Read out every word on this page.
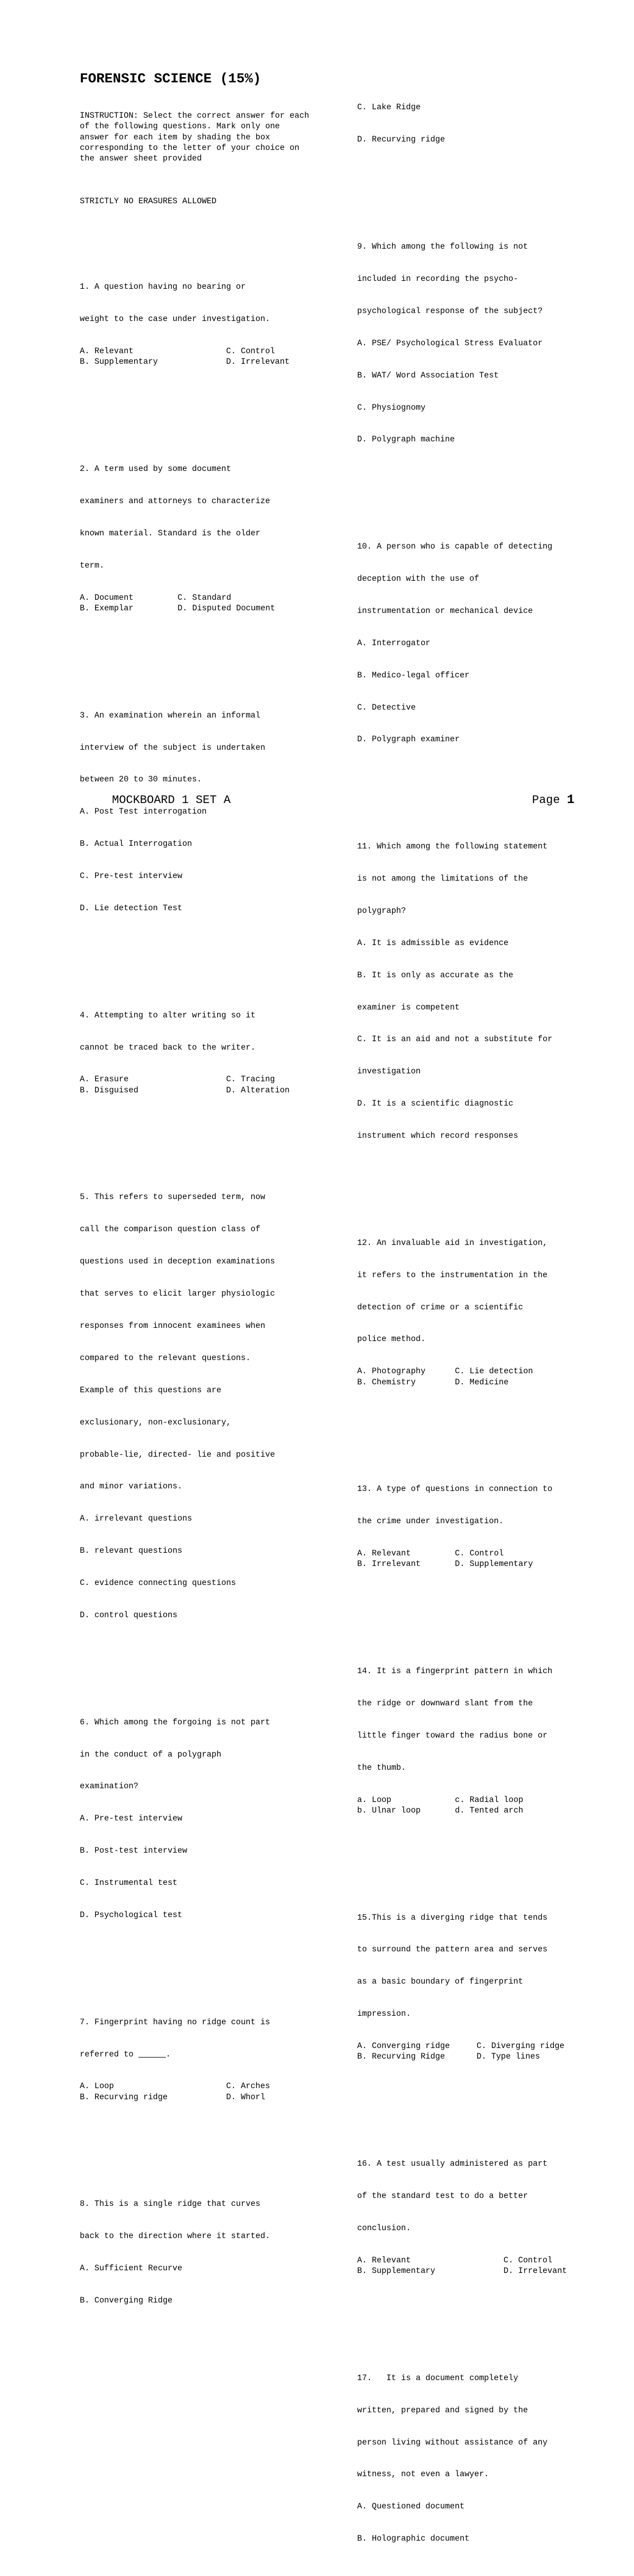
FORENSIC SCIENCE (15%)

INSTRUCTION: Select the correct answer for each of the following questions. Mark only one answer for each item by shading the box corresponding to the letter of your choice on the answer sheet provided

STRICTLY NO ERASURES ALLOWED

1. A question having no bearing or

weight to the case under investigation.

A. Relevant	C. Control
B. Supplementary	D. Irrelevant

2. A term used by some document

examiners and attorneys to characterize

known material. Standard is the older

term.

A. Document	C. Standard
B. Exemplar	D. Disputed Document

3. An examination wherein an informal

interview of the subject is undertaken

between 20 to 30 minutes.

A. Post Test interrogation

B. Actual Interrogation

C. Pre-test interview

D. Lie detection Test

4. Attempting to alter writing so it

cannot be traced back to the writer.

A. Erasure	C. Tracing
B. Disguised	D. Alteration

5. This refers to superseded term, now

call the comparison question class of

questions used in deception examinations

that serves to elicit larger physiologic

responses from innocent examinees when

compared to the relevant questions.

Example of this questions are

exclusionary, non-exclusionary,

probable-lie, directed- lie and positive

and minor variations.

A. irrelevant questions

B. relevant questions

C. evidence connecting questions

D. control questions

6. Which among the forgoing is not part

in the conduct of a polygraph

examination?

A. Pre-test interview

B. Post-test interview

C. Instrumental test

D. Psychological test

7. Fingerprint having no ridge count is

referred to	.

A. Loop	C. Arches
B. Recurving ridge	D. Whorl

8. This is a single ridge that curves

back to the direction where it started.

A. Sufficient Recurve

B. Converging Ridge

C. Lake Ridge

D. Recurving ridge

9. Which among the following is not

included in recording the psycho-

psychological response of the subject?

A. PSE/ Psychological Stress Evaluator

B. WAT/ Word Association Test

C. Physiognomy

D. Polygraph machine

10. A person who is capable of detecting

deception with the use of

instrumentation or mechanical device

A. Interrogator

B. Medico-legal officer

C. Detective

D. Polygraph examiner

11. Which among the following statement

is not among the limitations of the

polygraph?

A. It is admissible as evidence

B. It is only as accurate as the

examiner is competent

C. It is an aid and not a substitute for

investigation

D. It is a scientific diagnostic

instrument which record responses

12. An invaluable aid in investigation,

it refers to the instrumentation in the

detection of crime or a scientific

police method.

A. Photography	C. Lie detection
B. Chemistry	D. Medicine

13. A type of questions in connection to

the crime under investigation.

A. Relevant	C. Control
B. Irrelevant	D. Supplementary

14. It is a fingerprint pattern in which

the ridge or downward slant from the

little finger toward the radius bone or

the thumb.

a. Loop	c. Radial loop
b. Ulnar loop	d. Tented arch

15.This is a diverging ridge that tends

to surround the pattern area and serves

as a basic boundary of fingerprint

impression.

A. Converging ridge	C. Diverging ridge
B. Recurving Ridge	D. Type lines

16. A test usually administered as part

of the standard test to do a better

conclusion.

A. Relevant	C. Control
B. Supplementary	D. Irrelevant

17.   It is a document completely

written, prepared and signed by the

person living without assistance of any

witness, not even a lawyer.

A. Questioned document

B. Holographic document

MOCKBOARD 1 SET A	Page 1
